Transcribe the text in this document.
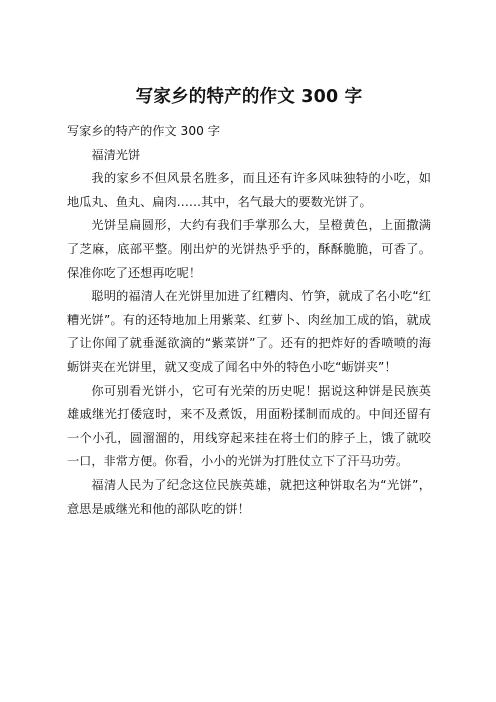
写家乡的特产的作文 300 字

写家乡的特产的作文 300 字

福清光饼

我的家乡不但风景名胜多，而且还有许多风味独特的小吃，如地瓜丸、鱼丸、扁肉……其中，名气最大的要数光饼了。

光饼呈扁圆形，大约有我们手掌那么大，呈橙黄色，上面撒满了芝麻，底部平整。刚出炉的光饼热乎乎的，酥酥脆脆，可香了。保准你吃了还想再吃呢！

聪明的福清人在光饼里加进了红糟肉、竹笋，就成了名小吃“红糟光饼”。有的还特地加上用紫菜、红萝卜、肉丝加工成的馅，就成了让你闻了就垂涎欲滴的“紫菜饼”了。还有的把炸好的香喷喷的海蛎饼夹在光饼里，就又变成了闻名中外的特色小吃“蛎饼夹”！

你可别看光饼小，它可有光荣的历史呢！据说这种饼是民族英雄戚继光打倭寇时，来不及煮饭，用面粉揉制而成的。中间还留有一个小孔，圆溜溜的，用线穿起来挂在将士们的脖子上，饿了就咬一口，非常方便。你看，小小的光饼为打胜仗立下了汗马功劳。

福清人民为了纪念这位民族英雄，就把这种饼取名为“光饼”，意思是戚继光和他的部队吃的饼！
